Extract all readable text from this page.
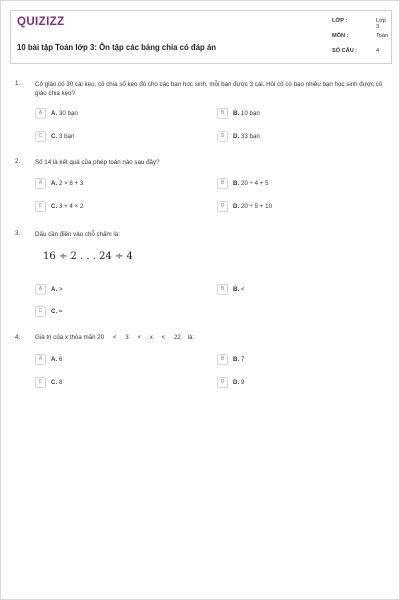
QUIZIZZ
10 bài tập Toán lớp 3: Ôn tập các bảng chia có đáp án
LỚP :	Lớp 3
MÔN :	Toán
SỐ CÂU :	4
1. Cô giáo có 30 cái kẹo, cô chia số kẹo đó cho các bạn học sinh, mỗi bạn được 3 cái. Hỏi cô có bao nhiêu bạn học sinh được cô giáo chia kẹo?
A	A. 30 bạn	B	B. 10 bạn
C	C. 3 bạn	D	D. 33 bạn
2. Số 14 là kết quả của phép toán nào sau đây?
A	A. 2 × 8 + 3	B	B. 20 ÷ 4 + 5
C	C. 3 + 4 × 2	D	D. 20 ÷ 5 + 10
3. Dấu cần điền vào chỗ chấm là:
16 ÷ 2 . . . 24 ÷ 4
A	A. >	B	B. <
C	C. =
4. Giá trị của x thỏa mãn 20 < 3 × x < 22 là:
A	A. 6	B	B. 7
C	C. 8	D	D. 9
